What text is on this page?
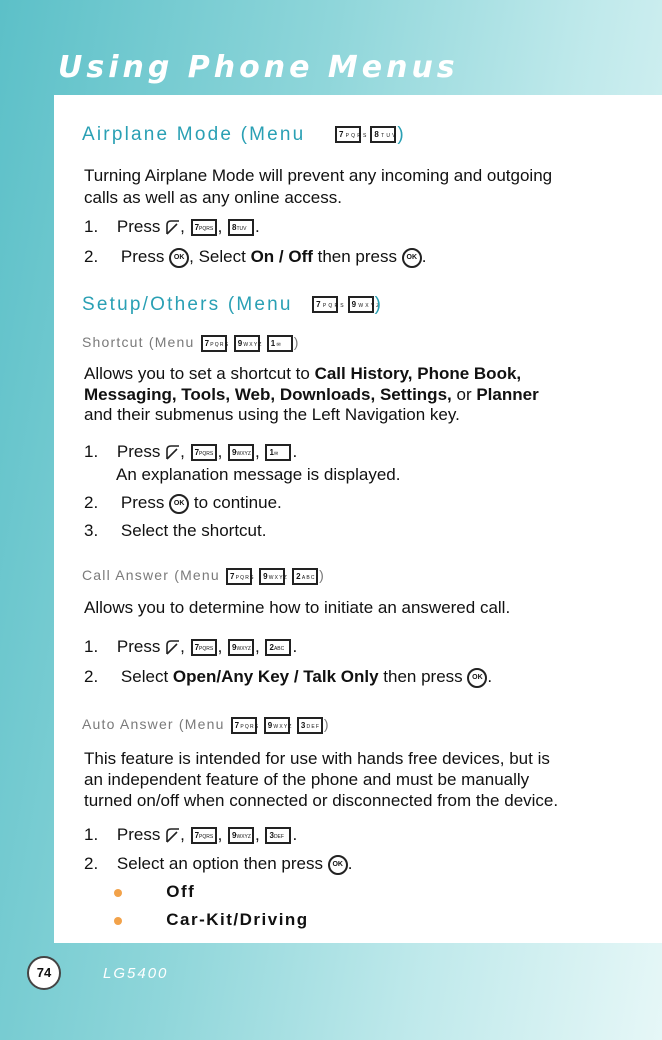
Using Phone Menus
Airplane Mode (Menu	7PQRS 8TUV)
Turning Airplane Mode will prevent any incoming and outgoing
calls as well as any online access.
1. Press , 7PQRS , 8TUV .
2. Press OK , Select On / Off then press OK .
Setup/Others (Menu	7PQRS 9WXYZ)
Shortcut (Menu 7PQRS 9WXYZ 1✉ )
Allows you to set a shortcut to Call History, Phone Book,
Messaging, Tools, Web, Downloads, Settings, or Planner
and their submenus using the Left Navigation key.
1. Press , 7PQRS , 9WXYZ , 1✉ .
An explanation message is displayed.
2. Press OK to continue.
3. Select the shortcut.
Call Answer (Menu 7PQRS 9WXYZ 2ABC )
Allows you to determine how to initiate an answered call.
1. Press , 7PQRS , 9WXYZ , 2ABC .
2. Select Open/Any Key / Talk Only then press OK .
Auto Answer (Menu 7PQRS 9WXYZ 3DEF )
This feature is intended for use with hands free devices, but is
an independent feature of the phone and must be manually
turned on/off when connected or disconnected from the device.
1. Press , 7PQRS , 9WXYZ , 3DEF .
2. Select an option then press OK .
Off
Car-Kit/Driving
74	LG5400
